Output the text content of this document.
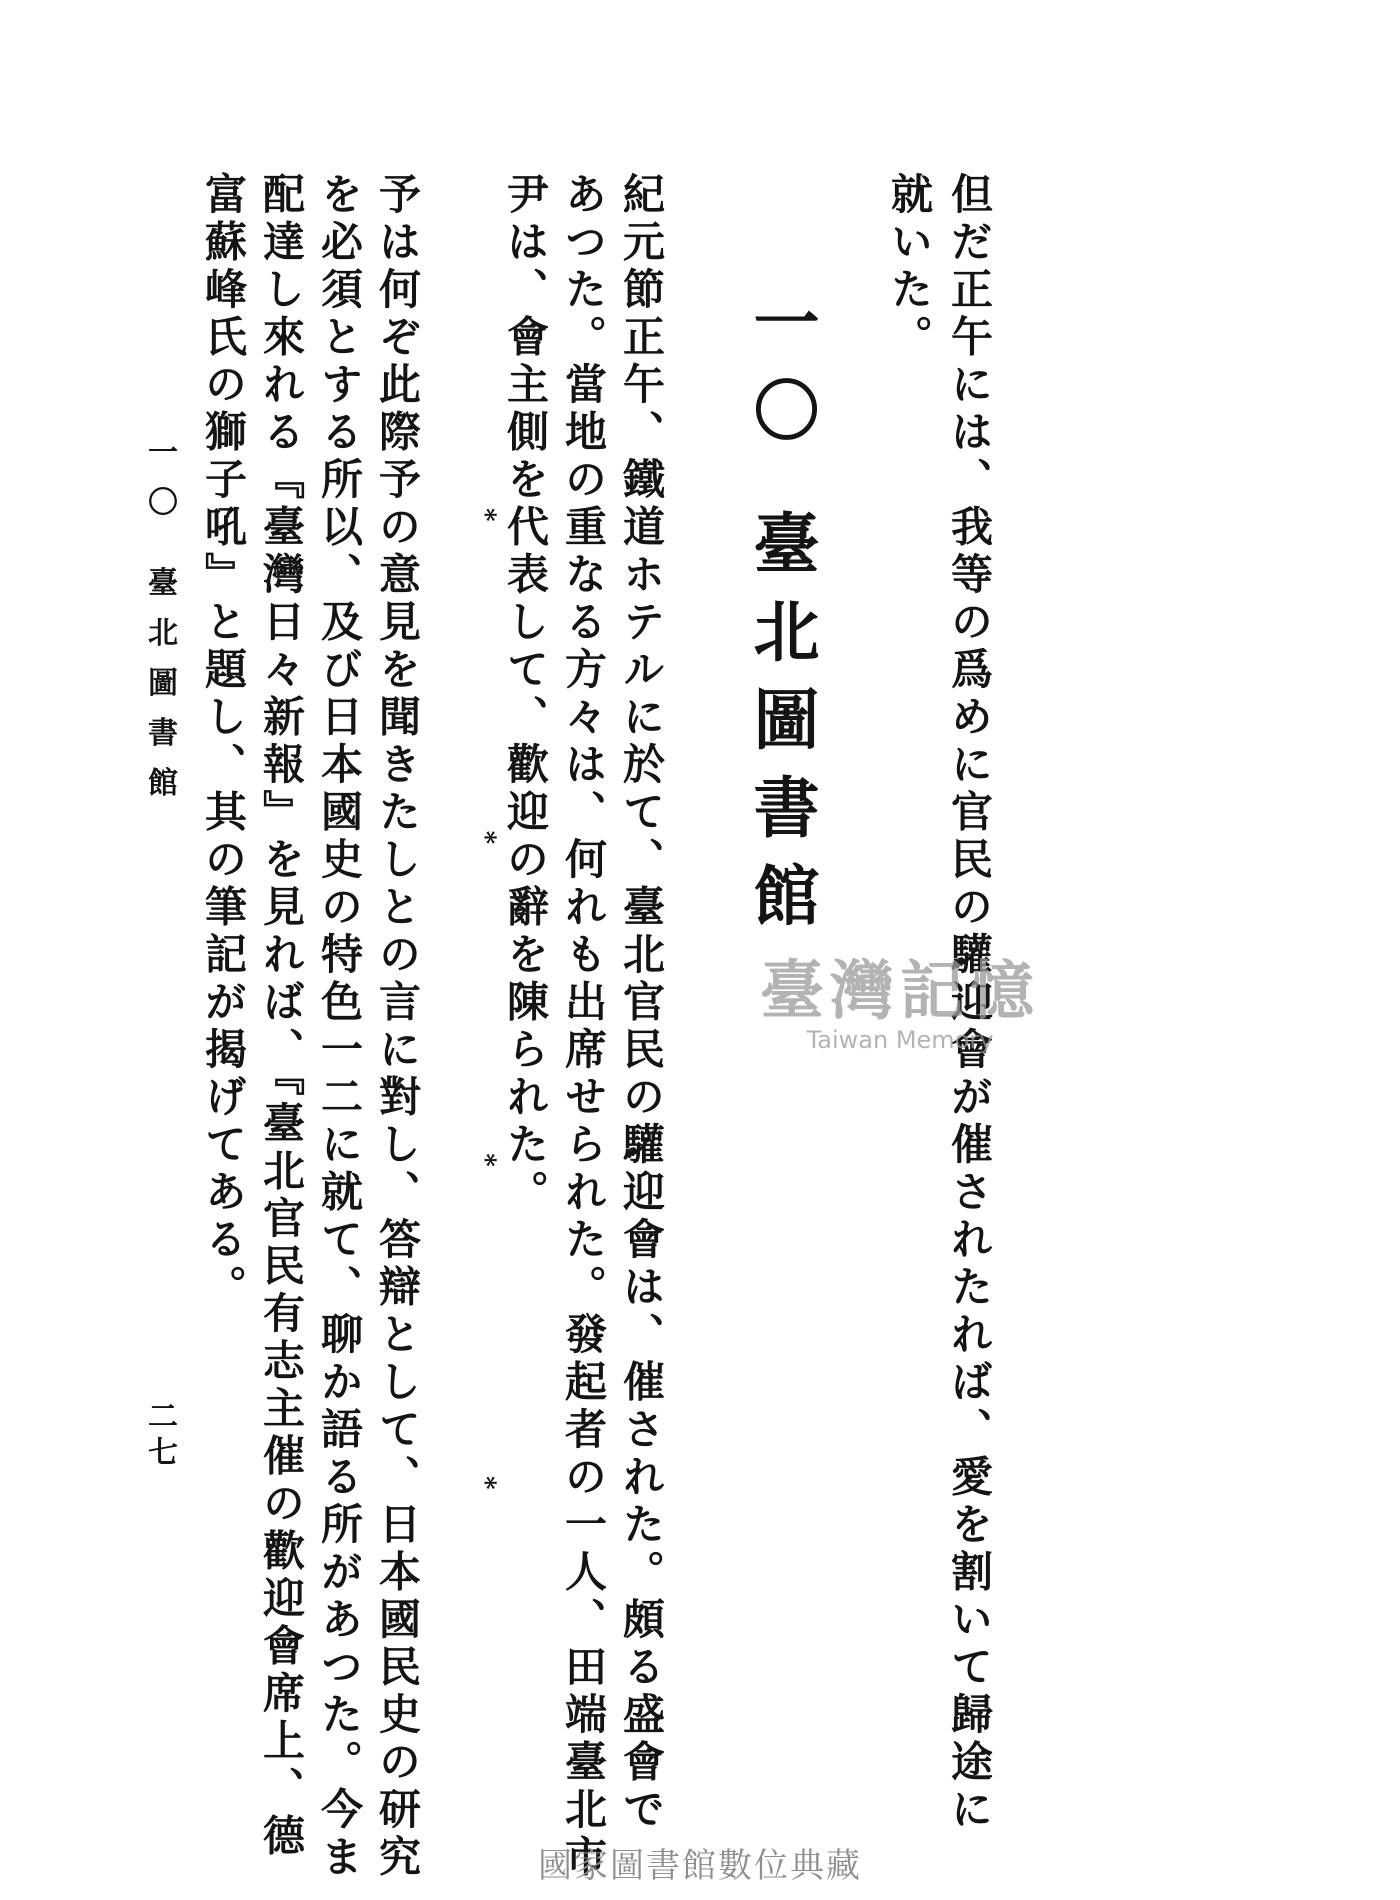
但だ正午には、我等の爲めに官民の驩迎會が催されたれば、愛を割いて歸途に
就いた。
一〇 臺北圖書館
紀元節正午、鐵道ホテルに於て、臺北官民の驩迎會は、催された。頗る盛會で
あつた。當地の重なる方々は、何れも出席せられた。發起者の一人、田端臺北市
尹は、會主側を代表して、歡迎の辭を陳られた。
* * * *
予は何ぞ此際予の意見を聞きたしとの言に對し、答辯として、日本國民史の研究
を必須とする所以、及び日本國史の特色一二に就て、聊か語る所があつた。今ま
配達し來れる『臺灣日々新報』を見れば、『臺北官民有志主催の歡迎會席上、德
富蘇峰氏の獅子吼』と題し、其の筆記が揭げてある。
一〇 臺北圖書館
二七
臺灣記憶
Taiwan Memory
國家圖書館數位典藏
